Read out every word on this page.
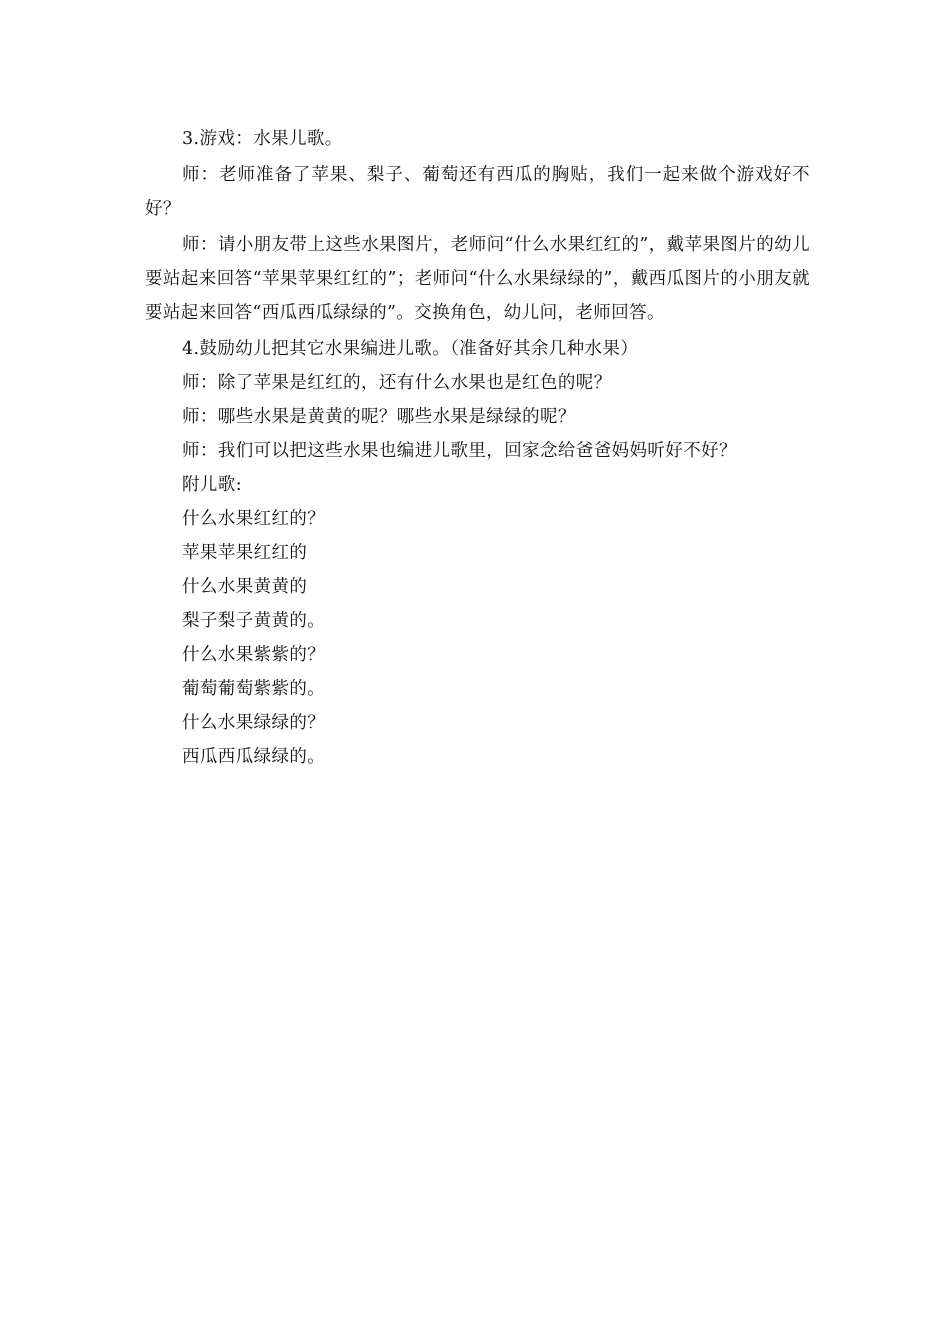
3.游戏：水果儿歌。

师：老师准备了苹果、梨子、葡萄还有西瓜的胸贴，我们一起来做个游戏好不好？

师：请小朋友带上这些水果图片，老师问“什么水果红红的”，戴苹果图片的幼儿要站起来回答“苹果苹果红红的”；老师问“什么水果绿绿的”，戴西瓜图片的小朋友就要站起来回答“西瓜西瓜绿绿的”。交换角色，幼儿问，老师回答。

4.鼓励幼儿把其它水果编进儿歌。（准备好其余几种水果）

师：除了苹果是红红的，还有什么水果也是红色的呢？

师：哪些水果是黄黄的呢？哪些水果是绿绿的呢？

师：我们可以把这些水果也编进儿歌里，回家念给爸爸妈妈听好不好？

附儿歌:

什么水果红红的？

苹果苹果红红的

什么水果黄黄的

梨子梨子黄黄的。

什么水果紫紫的？

葡萄葡萄紫紫的。

什么水果绿绿的？

西瓜西瓜绿绿的。
